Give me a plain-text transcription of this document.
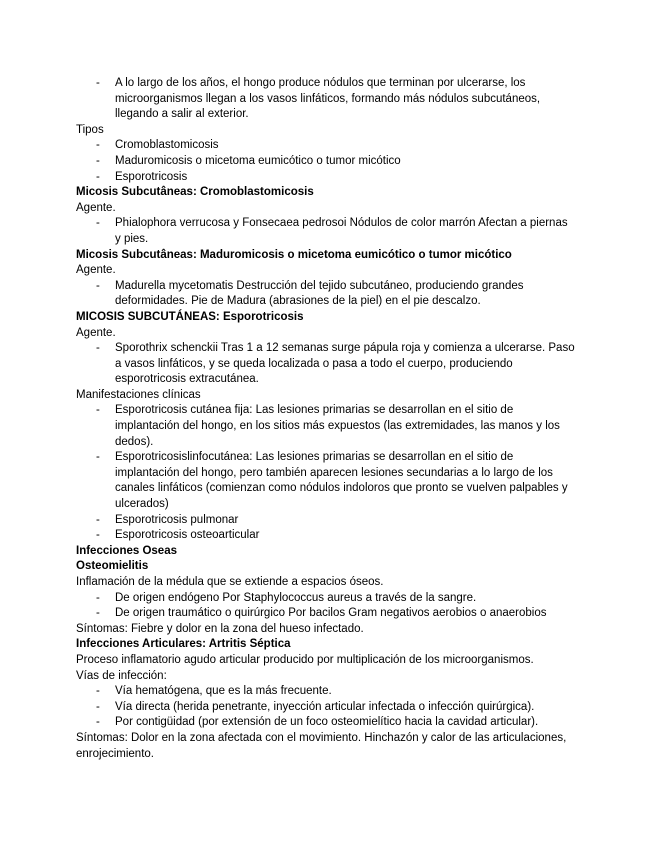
- A lo largo de los años, el hongo produce nódulos que terminan por ulcerarse, los microorganismos llegan a los vasos linfáticos, formando más nódulos subcutáneos, llegando a salir al exterior.

Tipos

- Cromoblastomicosis
- Maduromicosis o micetoma eumicótico o tumor micótico
- Esporotricosis

Micosis Subcutâneas: Cromoblastomicosis

Agente.

- Phialophora verrucosa y Fonsecaea pedrosoi Nódulos de color marrón Afectan a piernas y pies.

Micosis Subcutâneas: Maduromicosis o micetoma eumicótico o tumor micótico

Agente.

- Madurella mycetomatis Destrucción del tejido subcutáneo, produciendo grandes deformidades. Pie de Madura (abrasiones de la piel) en el pie descalzo.

MICOSIS SUBCUTÁNEAS: Esporotricosis

Agente.

- Sporothrix schenckii Tras 1 a 12 semanas surge pápula roja y comienza a ulcerarse. Paso a vasos linfáticos, y se queda localizada o pasa a todo el cuerpo, produciendo esporotricosis extracutánea.

Manifestaciones clínicas

- Esporotricosis cutánea fija: Las lesiones primarias se desarrollan en el sitio de implantación del hongo, en los sitios más expuestos (las extremidades, las manos y los dedos).
- Esporotricosislinfocutánea: Las lesiones primarias se desarrollan en el sitio de implantación del hongo, pero también aparecen lesiones secundarias a lo largo de los canales linfáticos (comienzan como nódulos indoloros que pronto se vuelven palpables y ulcerados)
- Esporotricosis pulmonar
- Esporotricosis osteoarticular

Infecciones Oseas

Osteomielitis

Inflamación de la médula que se extiende a espacios óseos.

- De origen endógeno Por Staphylococcus aureus a través de la sangre.
- De origen traumático o quirúrgico Por bacilos Gram negativos aerobios o anaerobios

Síntomas: Fiebre y dolor en la zona del hueso infectado.

Infecciones Articulares: Artritis Séptica

Proceso inflamatorio agudo articular producido por multiplicación de los microorganismos.

Vías de infección:

- Vía hematógena, que es la más frecuente.
- Vía directa (herida penetrante, inyección articular infectada o infección quirúrgica).
- Por contigüidad (por extensión de un foco osteomielítico hacia la cavidad articular).

Síntomas: Dolor en la zona afectada con el movimiento. Hinchazón y calor de las articulaciones, enrojecimiento.
